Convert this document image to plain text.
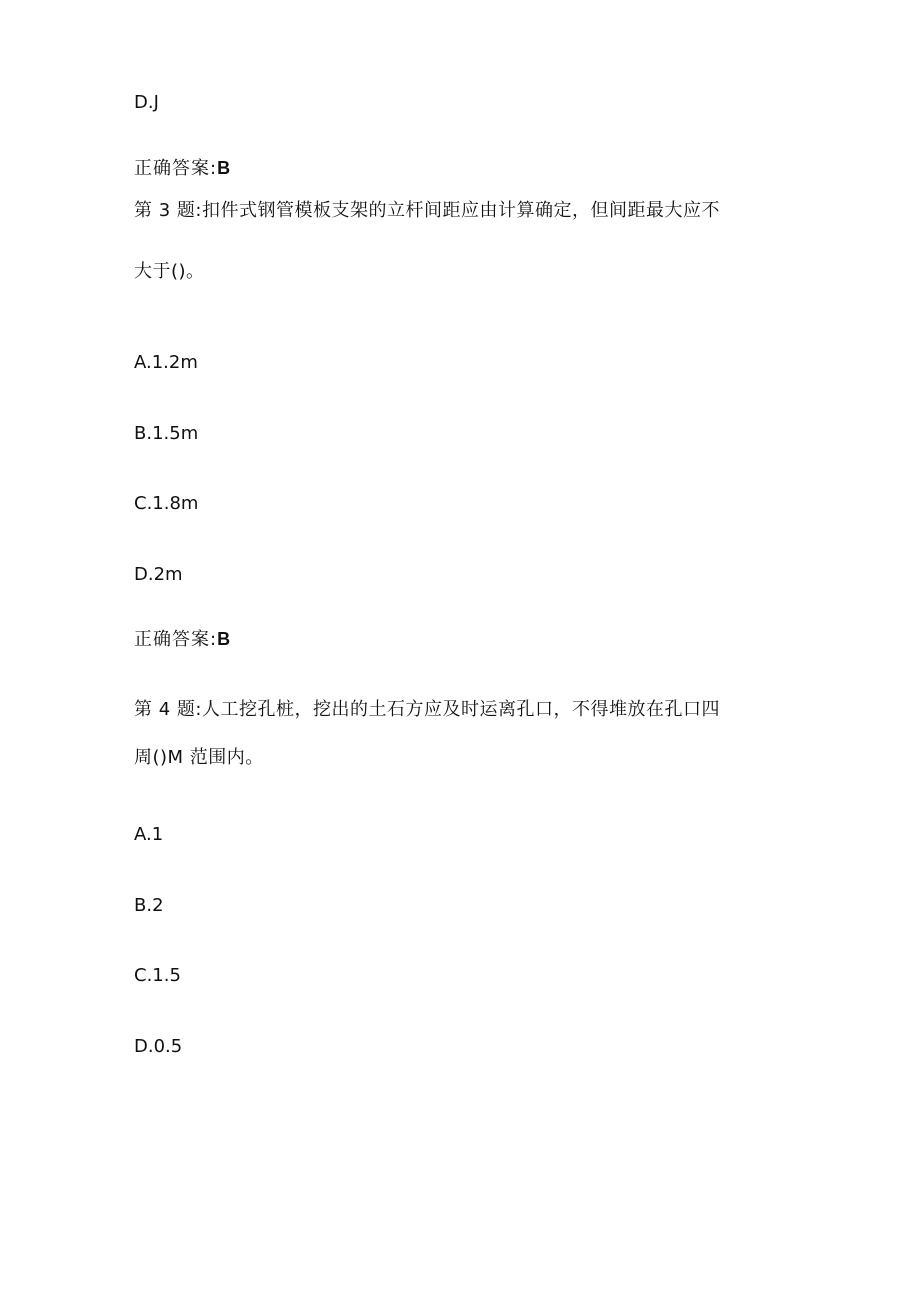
D.J
正确答案:B
第 3 题:扣件式钢管模板支架的立杆间距应由计算确定，但间距最大应不
大于()。
A.1.2m
B.1.5m
C.1.8m
D.2m
正确答案:B
第 4 题:人工挖孔桩，挖出的土石方应及时运离孔口，不得堆放在孔口四
周()M 范围内。
A.1
B.2
C.1.5
D.0.5
